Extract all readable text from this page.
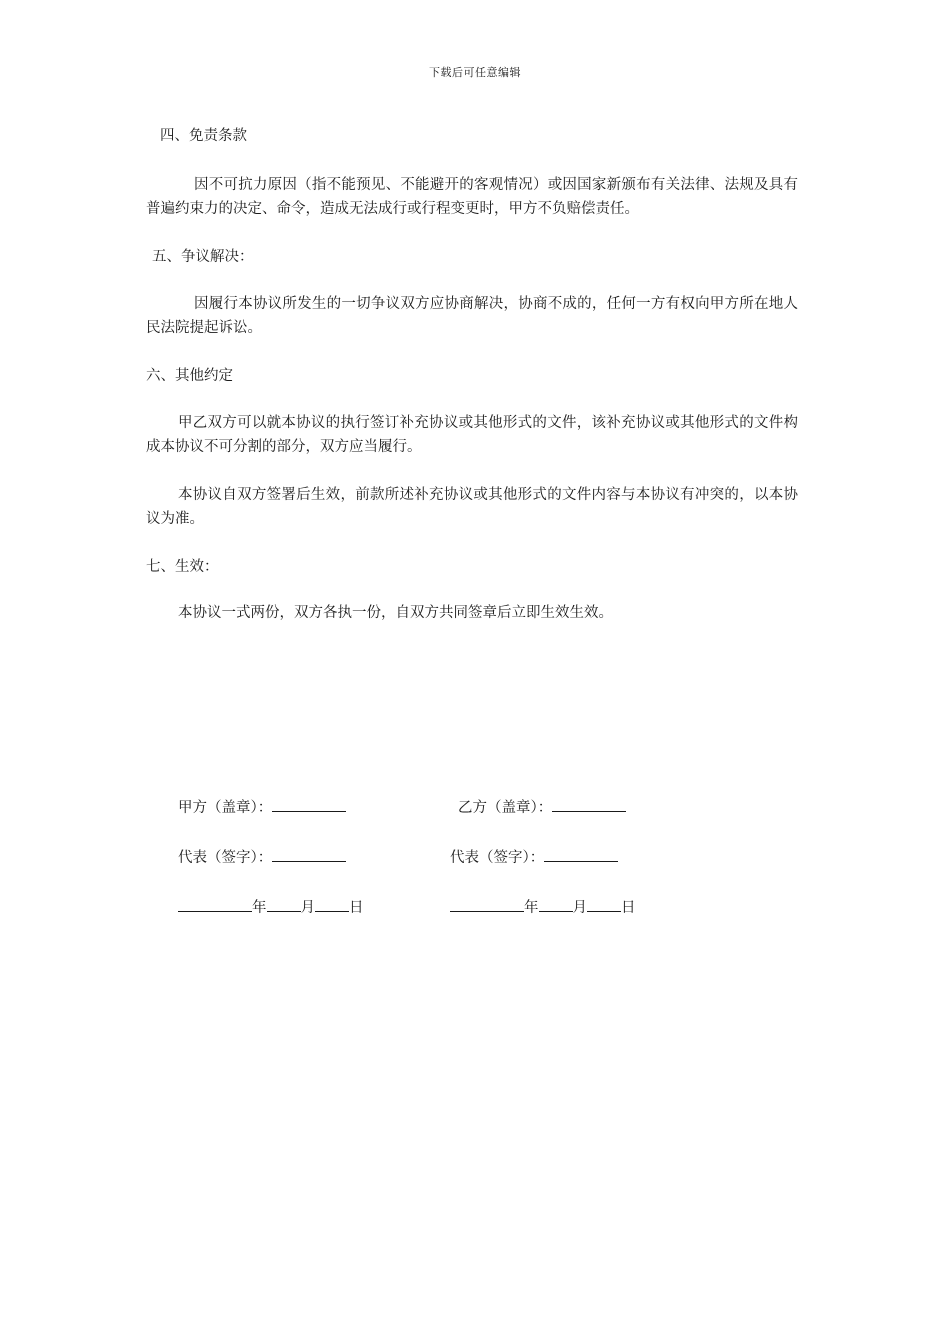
下载后可任意编辑
四、免责条款
因不可抗力原因（指不能预见、不能避开的客观情况）或因国家新颁布有关法律、法规及具有普遍约束力的决定、命令，造成无法成行或行程变更时，甲方不负赔偿责任。
五、争议解决：
因履行本协议所发生的一切争议双方应协商解决，协商不成的，任何一方有权向甲方所在地人民法院提起诉讼。
六、其他约定
甲乙双方可以就本协议的执行签订补充协议或其他形式的文件，该补充协议或其他形式的文件构成本协议不可分割的部分，双方应当履行。
本协议自双方签署后生效，前款所述补充协议或其他形式的文件内容与本协议有冲突的，以本协议为准。
七、生效：
本协议一式两份，双方各执一份，自双方共同签章后立即生效生效。
甲方（盖章）：	乙方（盖章）：
代表（签字）：	代表（签字）：
年 月 日	年 月 日
